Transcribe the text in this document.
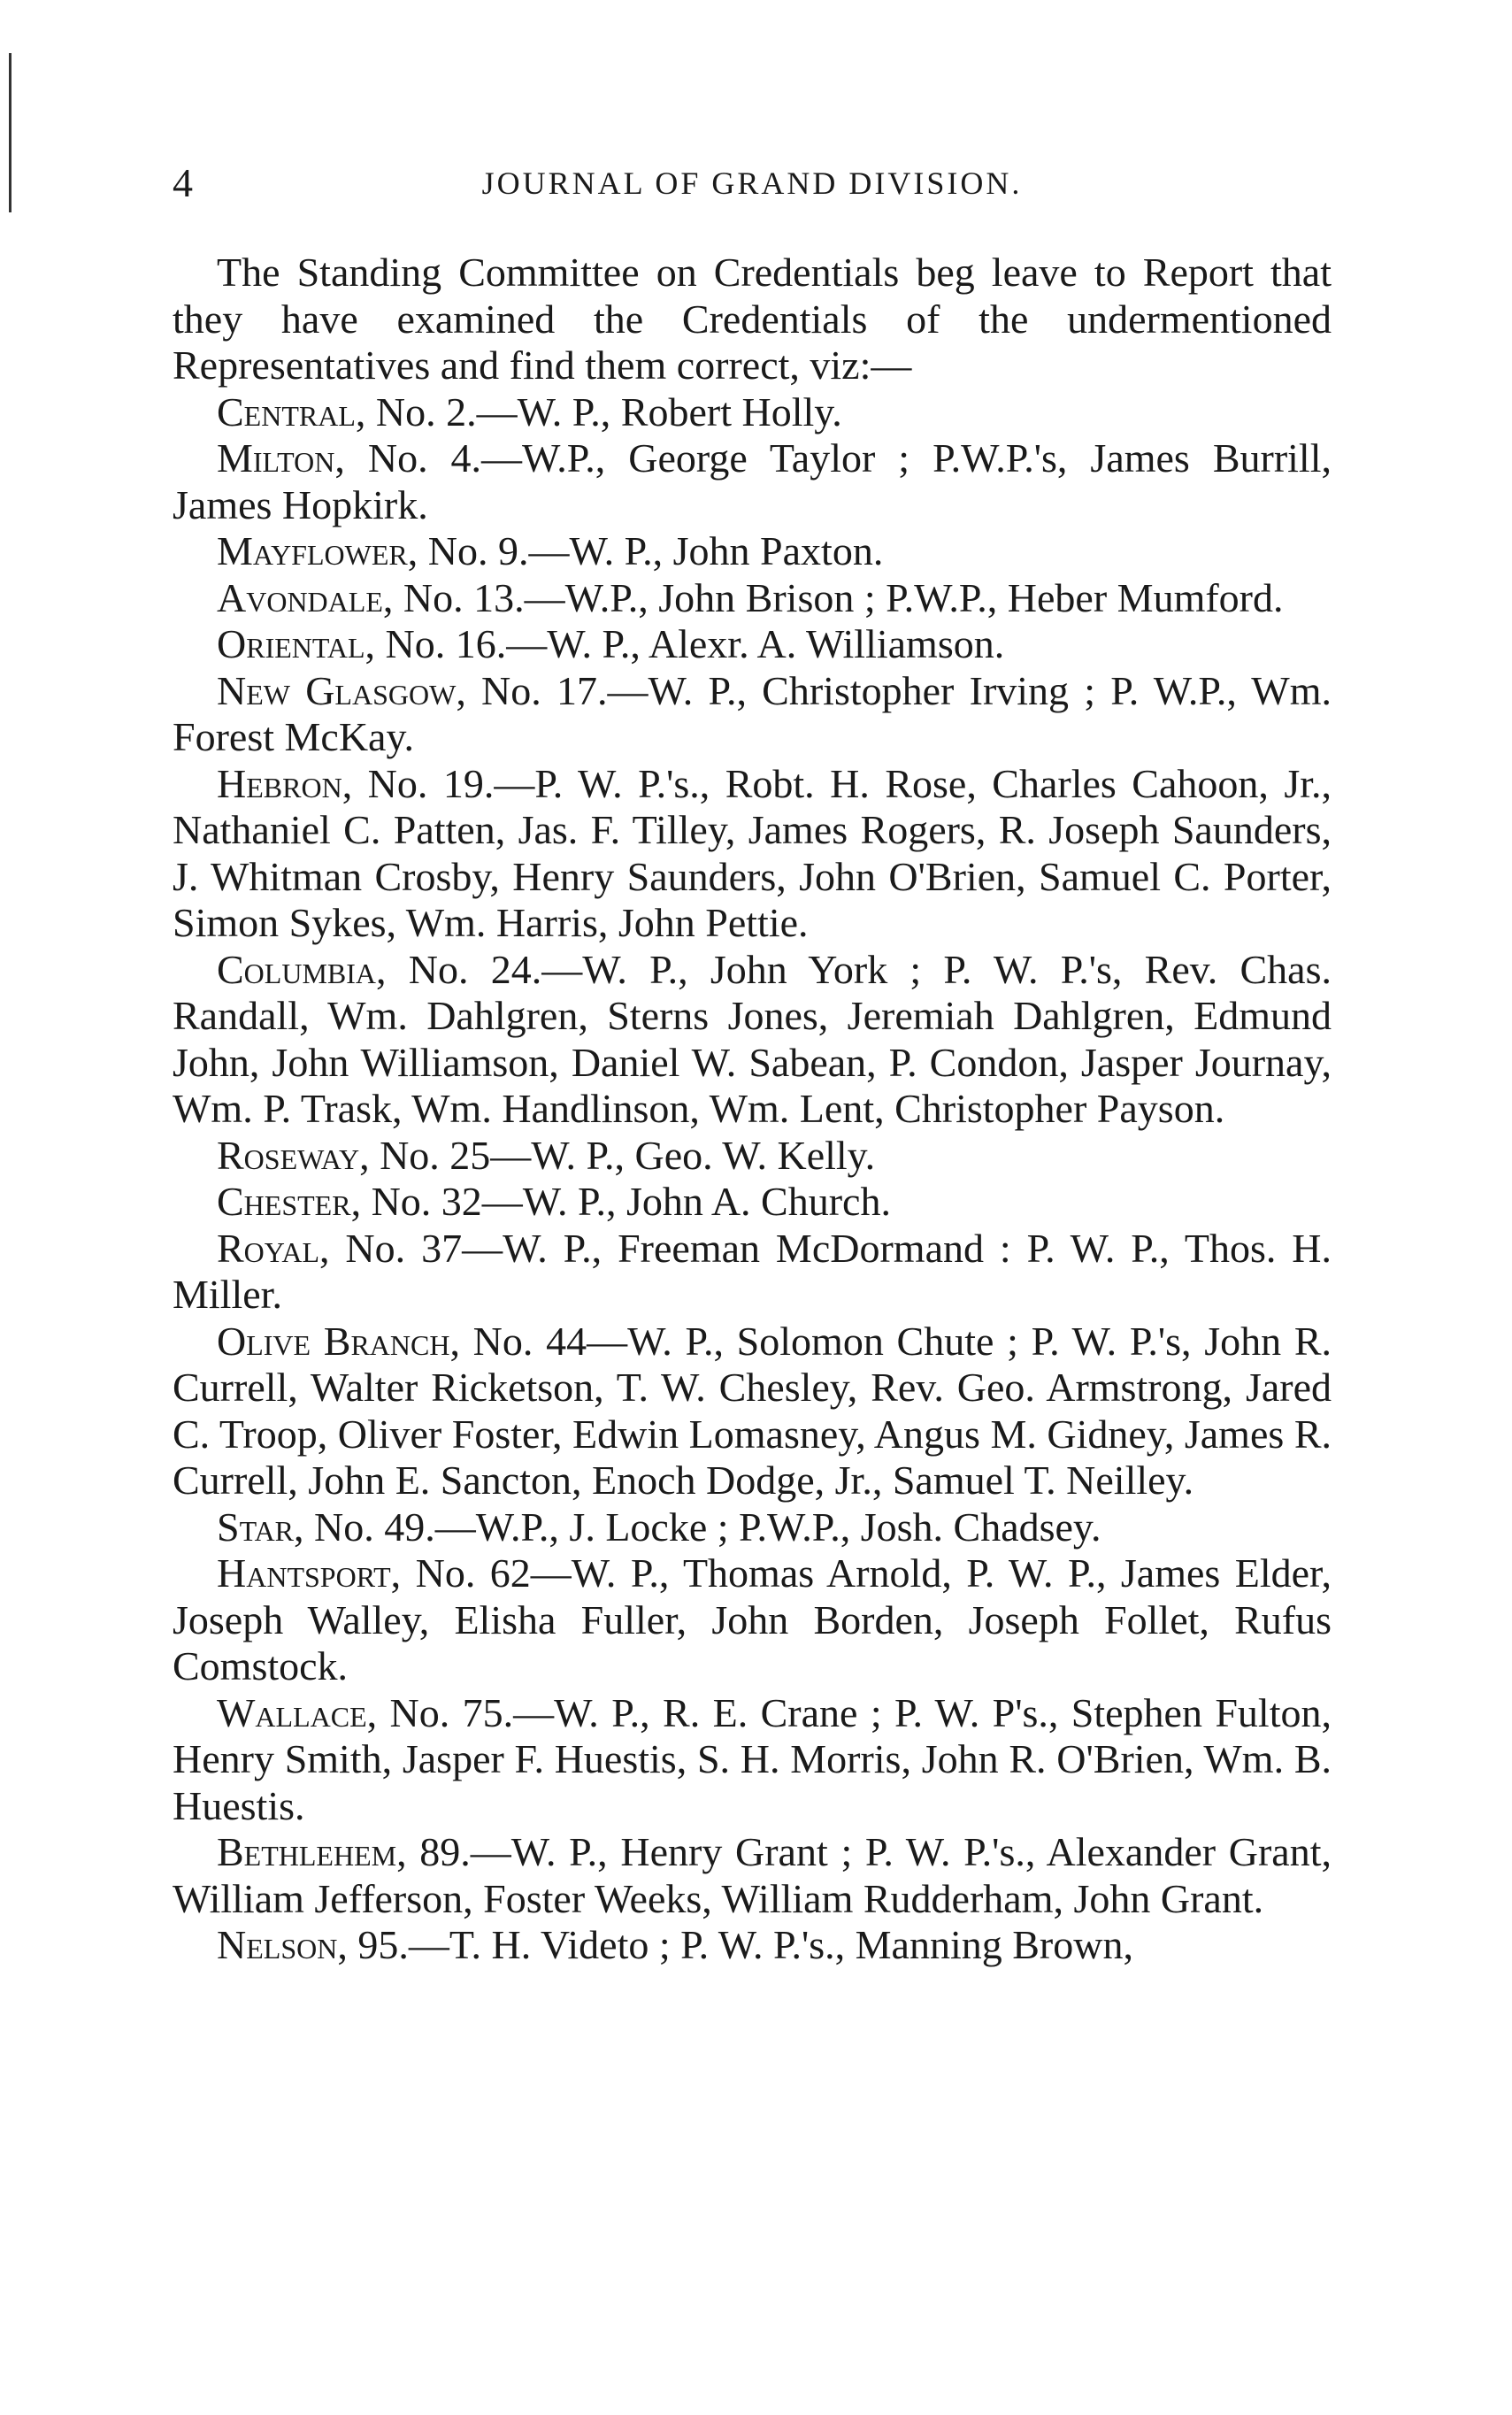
4	JOURNAL OF GRAND DIVISION.

The Standing Committee on Credentials beg leave to Report that they have examined the Credentials of the undermentioned Representatives and find them correct, viz:—

Central, No. 2.—W. P., Robert Holly.

Milton, No. 4.—W.P., George Taylor ; P.W.P.'s, James Burrill, James Hopkirk.

Mayflower, No. 9.—W. P., John Paxton.

Avondale, No. 13.—W.P., John Brison ; P.W.P., Heber Mumford.

Oriental, No. 16.—W. P., Alexr. A. Williamson.

New Glasgow, No. 17.—W. P., Christopher Irving ; P. W.P., Wm. Forest McKay.

Hebron, No. 19.—P. W. P.'s., Robt. H. Rose, Charles Cahoon, Jr., Nathaniel C. Patten, Jas. F. Tilley, James Rogers, R. Joseph Saunders, J. Whitman Crosby, Henry Saunders, John O'Brien, Samuel C. Porter, Simon Sykes, Wm. Harris, John Pettie.

Columbia, No. 24.—W. P., John York ; P. W. P.'s, Rev. Chas. Randall, Wm. Dahlgren, Sterns Jones, Jeremiah Dahlgren, Edmund John, John Williamson, Daniel W. Sabean, P. Condon, Jasper Journay, Wm. P. Trask, Wm. Handlinson, Wm. Lent, Christopher Payson.

Roseway, No. 25—W. P., Geo. W. Kelly.

Chester, No. 32—W. P., John A. Church.

Royal, No. 37—W. P., Freeman McDormand : P. W. P., Thos. H. Miller.

Olive Branch, No. 44—W. P., Solomon Chute ; P. W. P.'s, John R. Currell, Walter Ricketson, T. W. Chesley, Rev. Geo. Armstrong, Jared C. Troop, Oliver Foster, Edwin Lomasney, Angus M. Gidney, James R. Currell, John E. Sancton, Enoch Dodge, Jr., Samuel T. Neilley.

Star, No. 49.—W.P., J. Locke ; P.W.P., Josh. Chadsey.

Hantsport, No. 62—W. P., Thomas Arnold, P. W. P., James Elder, Joseph Walley, Elisha Fuller, John Borden, Joseph Follet, Rufus Comstock.

Wallace, No. 75.—W. P., R. E. Crane ; P. W. P's., Stephen Fulton, Henry Smith, Jasper F. Huestis, S. H. Morris, John R. O'Brien, Wm. B. Huestis.

Bethlehem, 89.—W. P., Henry Grant ; P. W. P.'s., Alexander Grant, William Jefferson, Foster Weeks, William Rudderham, John Grant.

Nelson, 95.—T. H. Videto ; P. W. P.'s., Manning Brown,
